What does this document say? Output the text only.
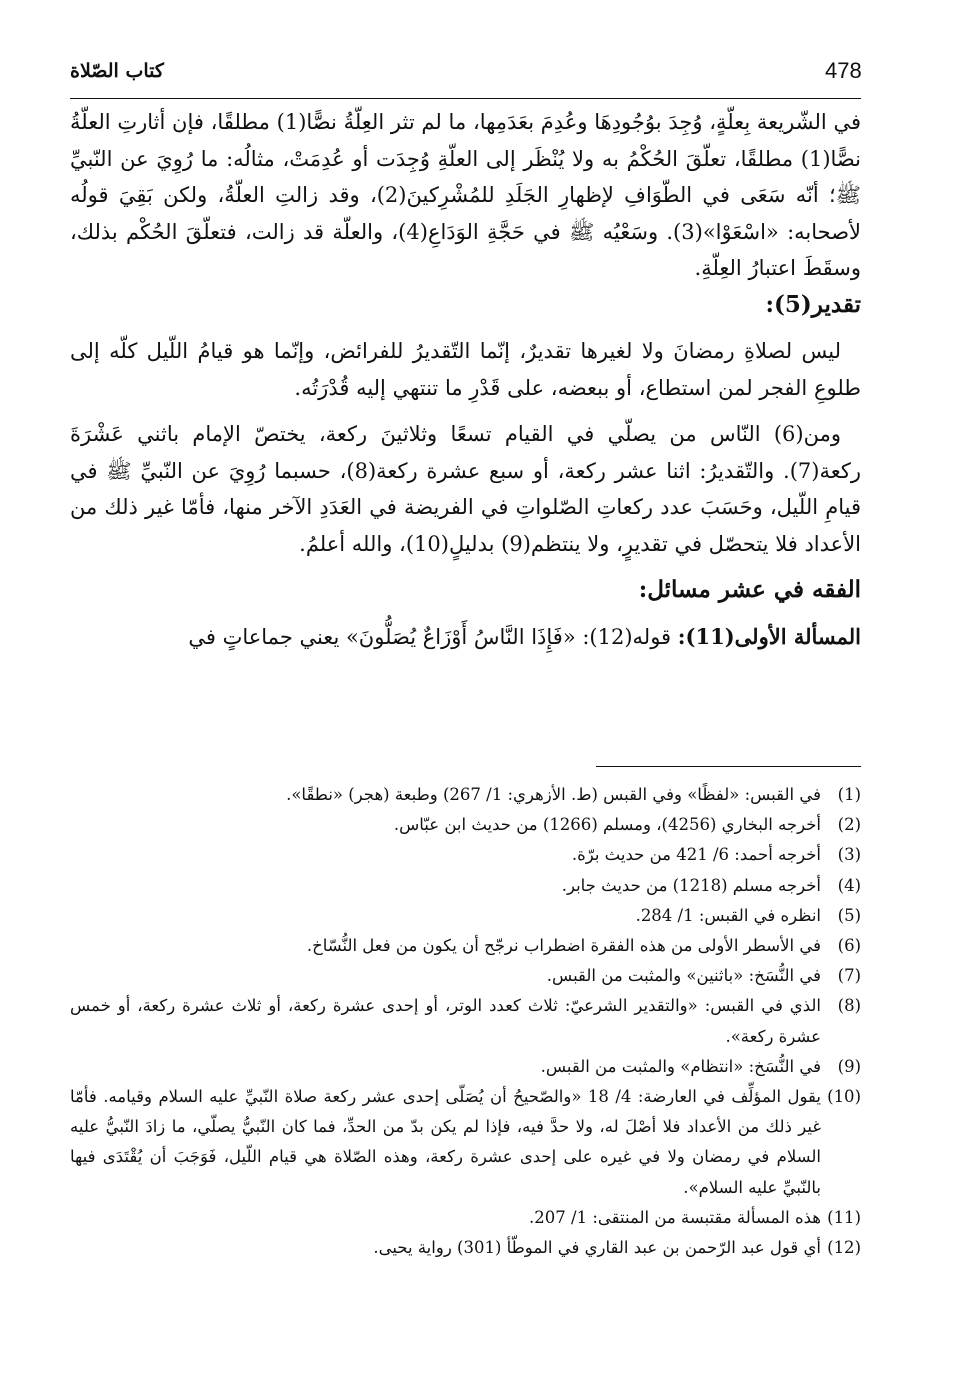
478
كتاب الصّلاة

في الشّريعة بِعلّةٍ، وُجِدَ بوُجُودِهَا وعُدِمَ بعَدَمِها، ما لم تثر العِلّةُ نصًّا(1) مطلقًا، فإن أثارتِ العلّةُ نصًّا(1) مطلقًا، تعلّقَ الحُكْمُ به ولا يُنْظَر إلى العلّةِ وُجِدَت أو عُدِمَتْ، مثالُه: ما رُوِيَ عن النّبيِّ ﷺ؛ أنّه سَعَى في الطّوَافِ لإظهارِ الجَلَدِ للمُشْرِكينَ(2)، وقد زالتِ العلّةُ، ولكن بَقِيَ قولُه لأصحابه: «اسْعَوْا»(3). وسَعْيُه ﷺ في حَجَّةِ الوَدَاعِ(4)، والعلّة قد زالت، فتعلّقَ الحُكْم بذلك، وسقَطَ اعتبارُ العِلّةِ.

تقدير(5):

ليس لصلاةِ رمضانَ ولا لغيرها تقديرٌ، إنّما التّقديرُ للفرائض، وإنّما هو قيامُ اللّيل كلّه إلى طلوعِ الفجر لمن استطاع، أو ببعضه، على قَدْرِ ما تنتهي إليه قُدْرَتُه.

ومن(6) النّاس من يصلّي في القيام تسعًا وثلاثينَ ركعة، يختصّ الإمام باثني عَشْرَةَ ركعة(7). والتّقديرُ: اثنا عشر ركعة، أو سبع عشرة ركعة(8)، حسبما رُوِيَ عن النّبيِّ ﷺ في قيامِ اللّيل، وحَسَبَ عدد ركعاتِ الصّلواتِ في الفريضة في العَدَدِ الآخر منها، فأمّا غير ذلك من الأعداد فلا يتحصّل في تقديرٍ، ولا ينتظم(9) بدليلٍ(10)، والله أعلمُ.

الفقه في عشر مسائل:

المسألة الأولى(11): قوله(12): «فَإِذَا النَّاسُ أَوْزَاعٌ يُصَلُّونَ» يعني جماعاتٍ في

(1)
في القبس: «لفظًا» وفي القبس (ط. الأزهري: 1/ 267) وطبعة (هجر) «نطقًا».
(2)
أخرجه البخاري (4256)، ومسلم (1266) من حديث ابن عبّاس.
(3)
أخرجه أحمد: 6/ 421 من حديث برّة.
(4)
أخرجه مسلم (1218) من حديث جابر.
(5)
انظره في القبس: 1/ 284.
(6)
في الأسطر الأولى من هذه الفقرة اضطراب نرجّح أن يكون من فعل النُّسّاخ.
(7)
في النُّسَخ: «باثنين» والمثبت من القبس.
(8)
الذي في القبس: «والتقدير الشرعيّ: ثلاث كعدد الوتر، أو إحدى عشرة ركعة، أو ثلاث عشرة ركعة، أو خمس عشرة ركعة».
(9)
في النُّسَخ: «انتظام» والمثبت من القبس.
(10)
يقول المؤلِّف في العارضة: 4/ 18 «والصّحيحُ أن يُصَلّى إحدى عشر ركعة صلاة النّبيِّ عليه السلام وقيامه. فأمّا غير ذلك من الأعداد فلا أصْلَ له، ولا حدَّ فيه، فإذا لم يكن بدّ من الحدِّ، فما كان النّبيُّ يصلّي، ما زادَ النّبيُّ عليه السلام في رمضان ولا في غيره على إحدى عشرة ركعة، وهذه الصّلاة هي قيام اللّيل، فَوَجَبَ أن يُقْتَدَى فيها بالنّبيِّ عليه السلام».
(11)
هذه المسألة مقتبسة من المنتقى: 1/ 207.
(12)
أي قول عبد الرّحمن بن عبد القاري في الموطّأ (301) رواية يحيى.
